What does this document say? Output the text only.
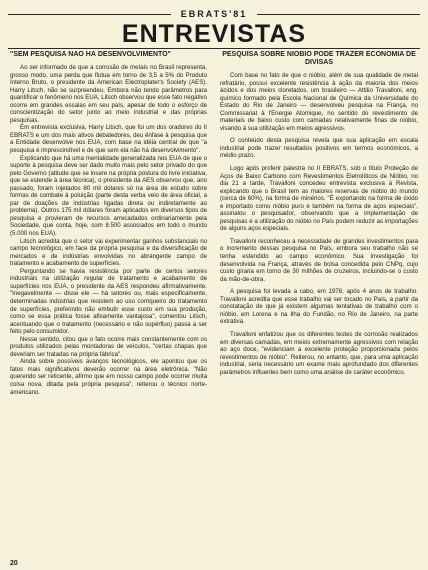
EBRATS'81
ENTREVISTAS
"SEM PESQUISA NÃO HÁ DESENVOLVIMENTO"

Ao ser informado de que a corrosão de metais no Brasil representa, grosso modo, uma perda que flutua em torno de 3,5 a 5% do Produto Interno Bruto, o presidente da American Electroplater's Society (AES), Harry Litsch, não se surpreendeu. Embora não tendo parâmetros para quantificar o fenômeno nos EUA, Litsch observou que esse fato negativo ocorre em grandes escalas em seu país, apesar de todo o esforço de conscientização do setor junto ao meio industrial e das próprias pesquisas.

Em entrevista exclusiva, Harry Litsch, que foi um dos oradores do II EBRATS e um dos mais ativos debatedores, deu ênfase à pesquisa que a Entidade desenvolve nos EUA, com base na idéia central de que "a pesquisa é imprescindível e de que sem ela não há desenvolvimento".

Explicando que há uma mentalidade generalizada nos EUA de que o suporte à pesquisa deve ser dado muito mais pelo setor privado do que pelo Governo (atitude que se insere na própria postura do livre iniciativa, que se estende à área técnica), o presidente da AES observou que, ano passado, foram injetados 80 mil dólares só na área de estudo sobre formas de combate à poluição (parte desta verba veio de área oficial, a par de doações de indústrias ligadas direta ou indiretamente ao problema). Outros 175 mil dólares foram aplicados em diversos tipos de pesquisa e provieram de recursos arrecadados ordinariamente pela Sociedade, que conta, hoje, com 8.500 associados em todo o mundo (5.000 nos EUA).

Litsch acredita que o setor vai experimentar ganhos substanciais no campo tecnológico, em face da própria pesquisa e da diversificação de mercados e de indústrias envolvidas no abrangente campo de tratamento e acabamento de superfícies.

Perguntando se havia resistência por parte de certos setores industriais na utilização regular de tratamento e acabamento de superfícies nos EUA, o presidente da AES respondeu afirmativamente. "Inegavelmente — disse ele — há setores ou, mais especificamente, determinadas indústrias que resistem ao uso corriqueiro do tratamento de superfícies, preferindo não embutir esse custo em sua produção, como se essa prática fosse afixamente vantajosa", comentou Litsch, acentuando que o tratamento (necessário e não supérfluo) passa a ser feito pelo consumidor.

Nesse sentido, citou que o fato ocorre mais constantemente com os produtos utilizados pelas montadoras de veículos, "certas chapas que deveriam ser tratadas na própria fábrica".

Ainda sobre possíveis avanços tecnológicos, ele apontou que os fatos mais significativos deverão ocorrer na área eletrônica. "Não querendo ser reticente, afirmo que em nosso campo pode ocorrer muita coisa nova, ditada pela própria pesquisa", reiterou o técnico norte-americano.

PESQUISA SOBRE NIÓBIO PODE TRAZER ECONOMIA DE DIVISAS

Com base no fato de que o nióbio, além de sua qualidade de metal refratário, possui excelente resistência à ação da maioria dos meios ácidos e dos meios cloretados, um brasileiro — Attilio Travalloni, eng. químico formado pela Escola Nacional de Química da Universidade do Estado do Rio de Janeiro — desenvolveu pesquisa na França, no Commissariat à l'Energie Atomique, no sentido do revestimento de materiais de baixo custo com camadas relativamente finas de nióbio, visando à sua utilização em meios agressivos.

O conteúdo desta pesquisa revela que sua aplicação em escala industrial pode trazer resultados positivos em termos econômicos, a médio prazo.

Logo após proferir palestra no II EBRATS, sob o título Proteção de Aços de Baixo Carbono com Revestimentos Eletrolíticos de Nióbio, no dia 21 a tarde, Travalloni concedeu entrevista exclusiva à Revista, explicando que o Brasil tem as maiores reservas de nióbio do mundo (cerca de 60%), na forma de minérios. "É exportando na forma de óxido e importado como nióbio puro e também na forma de aços especiais", assinalou o pesquisador, observando que a implementação de pesquisas e a utilização do nióbio no País podem reduzir as importações de alguns aços especiais.

Travalloni reconheceu a necessidade de grandes investimentos para o incremento dessas pesquisa no País, embora seu trabalho não se tenha estendido ao campo econômico. Sua investigação foi desenvolvida na França, através de bolsa concedida pelo CNPq, cujo custo giraria em torno de 30 milhões de cruzeiros, incluindo-se o custo da mão-de-obra.

A pesquisa foi levada a cabo, em 1978, após 4 anos de trabalho. Travalloni acredita que esse trabalho vai ser tocado no País, a partir da constatação de que já existem algumas tentativas de trabalho com o nióbio, em Lorena e na Ilha do Fundão, no Rio de Janeiro, na parte extrativa.

Travalloni enfatizou que os diferentes testes de corrosão realizados em diversas camadas, em meios extremamente agressivos com relação ao aço doce, "evidenciam a excelente proteção proporcionada pelos revestimentos de nióbio". Reiterou, no entanto, que, para uma aplicação industrial, seria necessário um exame mais aprofundado dos diferentes parâmetros influentes bem como uma análise de caráter econômico.

20
